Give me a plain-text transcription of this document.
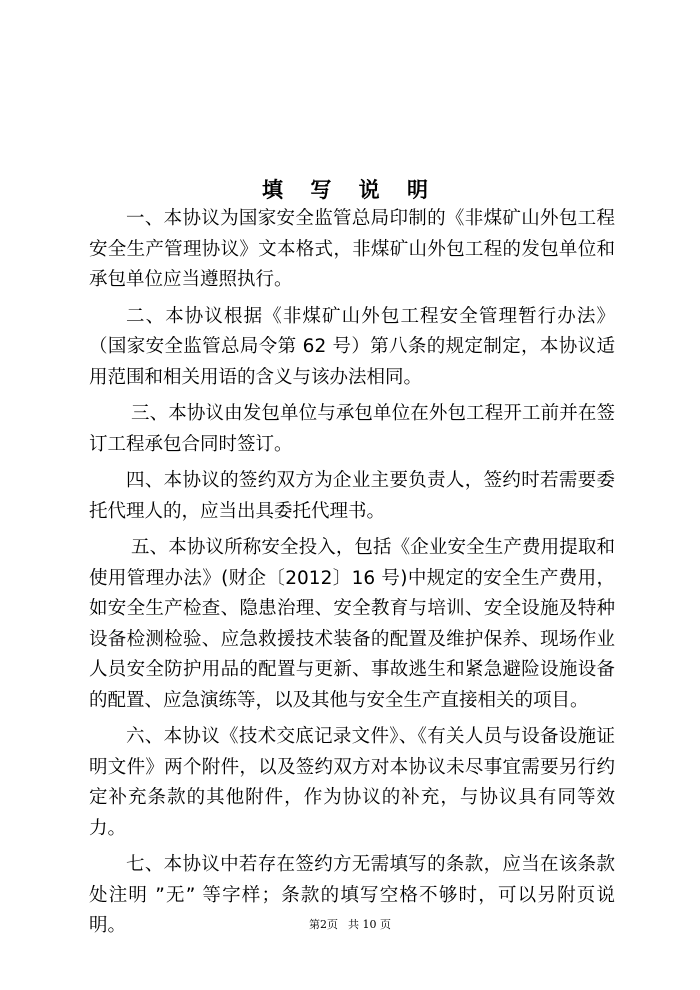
填 写 说 明

一、本协议为国家安全监管总局印制的《非煤矿山外包工程安全生产管理协议》文本格式，非煤矿山外包工程的发包单位和承包单位应当遵照执行。

二、本协议根据《非煤矿山外包工程安全管理暂行办法》（国家安全监管总局令第 62 号）第八条的规定制定，本协议适用范围和相关用语的含义与该办法相同。

三、本协议由发包单位与承包单位在外包工程开工前并在签订工程承包合同时签订。

四、本协议的签约双方为企业主要负责人，签约时若需要委托代理人的，应当出具委托代理书。

五、本协议所称安全投入，包括《企业安全生产费用提取和使用管理办法》(财企〔2012〕16 号)中规定的安全生产费用，如安全生产检查、隐患治理、安全教育与培训、安全设施及特种设备检测检验、应急救援技术装备的配置及维护保养、现场作业人员安全防护用品的配置与更新、事故逃生和紧急避险设施设备的配置、应急演练等，以及其他与安全生产直接相关的项目。

六、本协议《技术交底记录文件》、《有关人员与设备设施证明文件》两个附件，以及签约双方对本协议未尽事宜需要另行约定补充条款的其他附件，作为协议的补充，与协议具有同等效力。

七、本协议中若存在签约方无需填写的条款，应当在该条款处注明 ”无” 等字样；条款的填写空格不够时，可以另附页说明。	第2页 共 10 页
